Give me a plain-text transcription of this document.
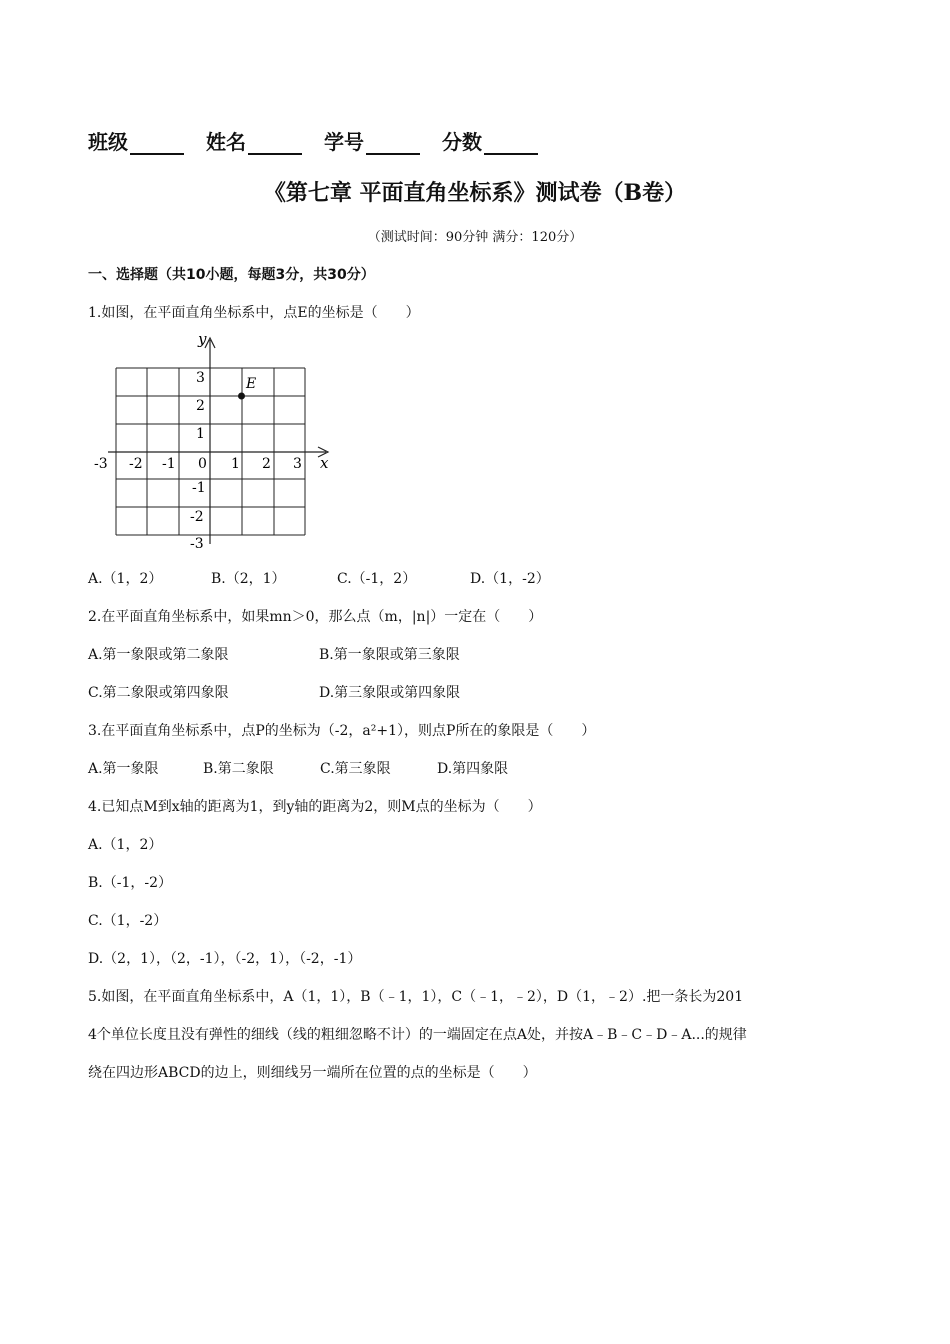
班级	姓名	学号	分数
《第七章 平面直角坐标系》测试卷（B卷）
（测试时间：90分钟 满分：120分）
一、选择题（共10小题，每题3分，共30分）
1.如图，在平面直角坐标系中，点E的坐标是（　　）
y
x
-3 -2 -1 0 1 2 3
3
2
1
-1
-2
-3
E
A.（1，2）	B.（2，1）	C.（-1，2）	D.（1，-2）
2.在平面直角坐标系中，如果mn＞0，那么点（m，|n|）一定在（　　）
A.第一象限或第二象限	B.第一象限或第三象限
C.第二象限或第四象限	D.第三象限或第四象限
3.在平面直角坐标系中，点P的坐标为（-2，a²+1），则点P所在的象限是（　　）
A.第一象限	B.第二象限	C.第三象限	D.第四象限
4.已知点M到x轴的距离为1，到y轴的距离为2，则M点的坐标为（　　）
A.（1，2）
B.（-1，-2）
C.（1，-2）
D.（2，1），（2，-1），（-2，1），（-2，-1）
5.如图，在平面直角坐标系中，A（1，1），B（﹣1，1），C（﹣1，﹣2），D（1，﹣2）.把一条长为201
4个单位长度且没有弹性的细线（线的粗细忽略不计）的一端固定在点A处，并按A﹣B﹣C﹣D﹣A...的规律
绕在四边形ABCD的边上，则细线另一端所在位置的点的坐标是（　　）
